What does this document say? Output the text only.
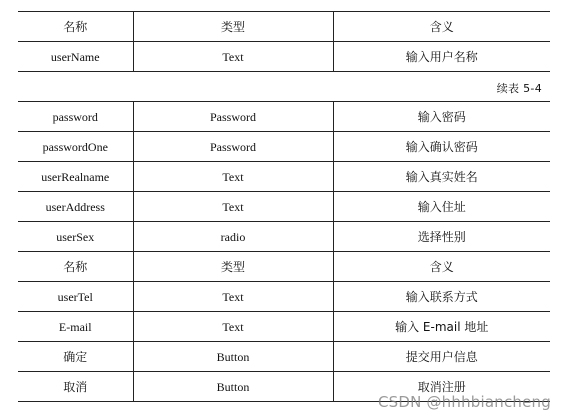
名称	类型	含义
userName	Text	输入用户名称
续表 5-4
password	Password	输入密码
passwordOne	Password	输入确认密码
userRealname	Text	输入真实姓名
userAddress	Text	输入住址
userSex	radio	选择性别
名称	类型	含义
userTel	Text	输入联系方式
E-mail	Text	输入 E-mail 地址
确定	Button	提交用户信息
取消	Button	取消注册
CSDN @hhhbiancheng
